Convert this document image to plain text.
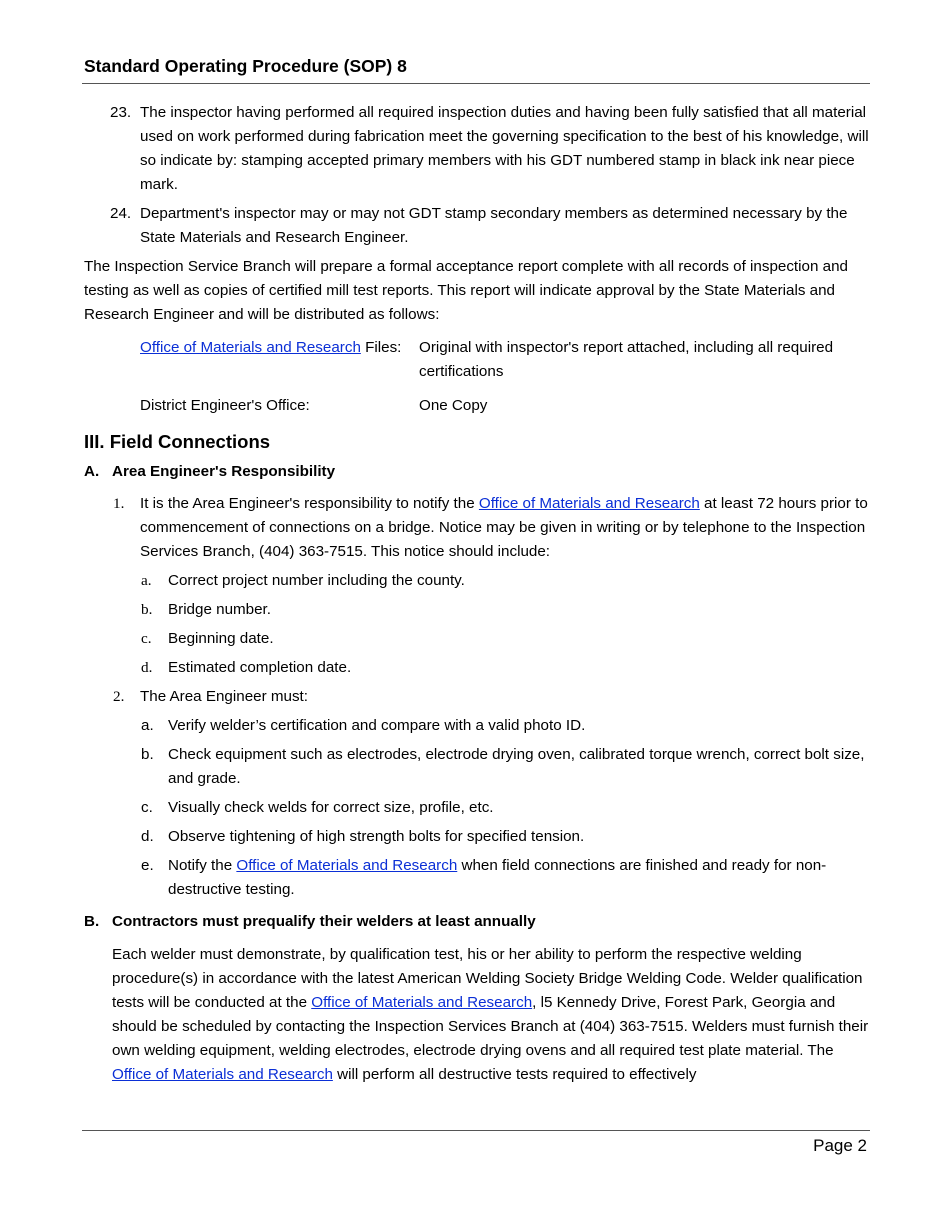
Standard Operating Procedure (SOP) 8
23. The inspector having performed all required inspection duties and having been fully satisfied that all material used on work performed during fabrication meet the governing specification to the best of his knowledge, will so indicate by: stamping accepted primary members with his GDT numbered stamp in black ink near piece mark.
24. Department's inspector may or may not GDT stamp secondary members as determined necessary by the State Materials and Research Engineer.

The Inspection Service Branch will prepare a formal acceptance report complete with all records of inspection and testing as well as copies of certified mill test reports. This report will indicate approval by the State Materials and Research Engineer and will be distributed as follows:

Office of Materials and Research Files:	Original with inspector's report attached, including all required certifications
District Engineer's Office:	One Copy
III. Field Connections
A. Area Engineer's Responsibility
1. It is the Area Engineer's responsibility to notify the Office of Materials and Research at least 72 hours prior to commencement of connections on a bridge. Notice may be given in writing or by telephone to the Inspection Services Branch, (404) 363-7515. This notice should include:
a. Correct project number including the county.
b. Bridge number.
c. Beginning date.
d. Estimated completion date.
2. The Area Engineer must:
a. Verify welder’s certification and compare with a valid photo ID.
b. Check equipment such as electrodes, electrode drying oven, calibrated torque wrench, correct bolt size, and grade.
c. Visually check welds for correct size, profile, etc.
d. Observe tightening of high strength bolts for specified tension.
e. Notify the Office of Materials and Research when field connections are finished and ready for non-destructive testing.
B. Contractors must prequalify their welders at least annually

Each welder must demonstrate, by qualification test, his or her ability to perform the respective welding procedure(s) in accordance with the latest American Welding Society Bridge Welding Code. Welder qualification tests will be conducted at the Office of Materials and Research, l5 Kennedy Drive, Forest Park, Georgia and should be scheduled by contacting the Inspection Services Branch at (404) 363-7515. Welders must furnish their own welding equipment, welding electrodes, electrode drying ovens and all required test plate material. The Office of Materials and Research will perform all destructive tests required to effectively

Page 2
